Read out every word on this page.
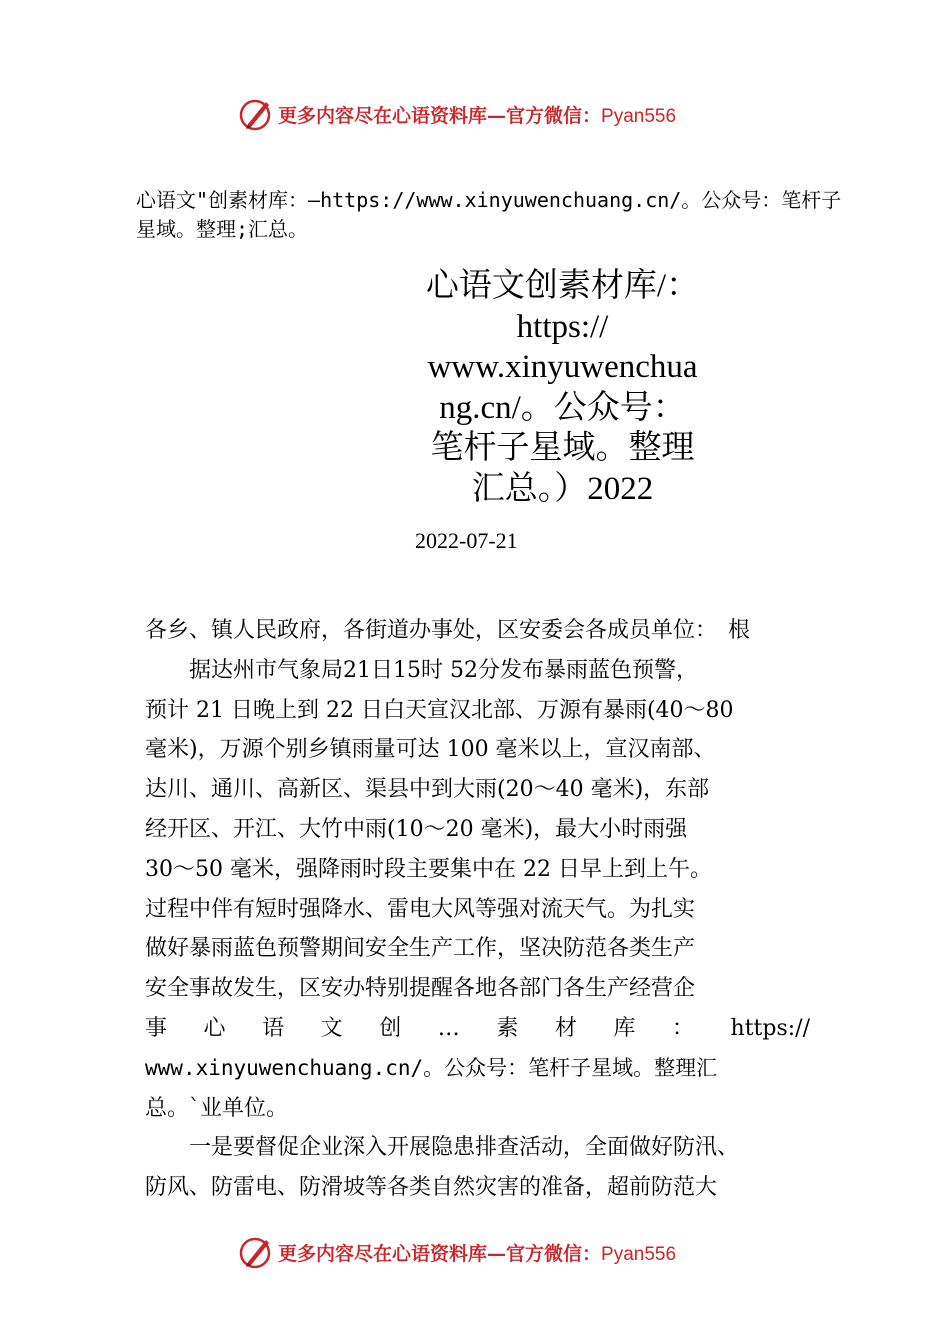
更多内容尽在心语资料库—官方微信：Pyan556
心语文"创素材库：—https://www.xinyuwenchuang.cn/。公众号：笔杆子星域。整理;汇总。
心语文创素材库/：
https://
www.xinyuwenchua
ng.cn/。公众号：
笔杆子星域。整理
汇总。）2022
2022-07-21
各乡、镇人民政府，各街道办事处，区安委会各成员单位：　根
　　据达州市气象局21日15时 52分发布暴雨蓝色预警，
预计 21 日晚上到 22 日白天宣汉北部、万源有暴雨(40～80
毫米)，万源个别乡镇雨量可达 100 毫米以上，宣汉南部、
达川、通川、高新区、渠县中到大雨(20～40 毫米)，东部
经开区、开江、大竹中雨(10～20 毫米)，最大小时雨强
30～50 毫米，强降雨时段主要集中在 22 日早上到上午。
过程中伴有短时强降水、雷电大风等强对流天气。为扎实
做好暴雨蓝色预警期间安全生产工作，坚决防范各类生产
安全事故发生，区安办特别提醒各地各部门各生产经营企
事心语文创…素材库：https://
www.xinyuwenchuang.cn/。公众号：笔杆子星域。整理汇
总。`业单位。
　　一是要督促企业深入开展隐患排查活动，全面做好防汛、
防风、防雷电、防滑坡等各类自然灾害的准备，超前防范大
更多内容尽在心语资料库—官方微信：Pyan556
